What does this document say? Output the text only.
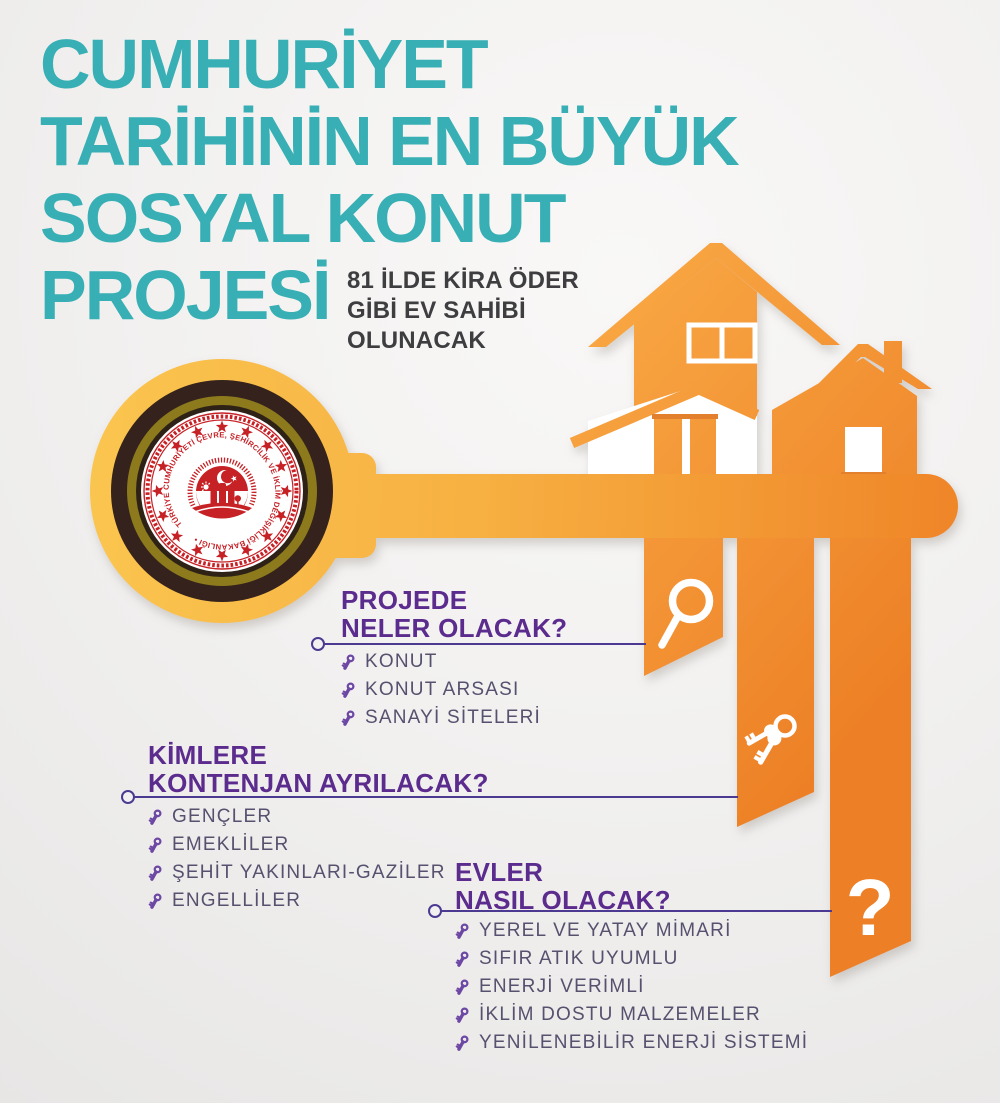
TÜRKİYE CUMHURİYETİ ÇEVRE, ŞEHİRCİLİK VE İKLİM DEĞİŞİKLİĞİ BAKANLIĞI •
CUMHURİYET
TARİHİNİN EN BÜYÜK
SOSYAL KONUT
PROJESİ 81 İLDE KİRA ÖDER
GİBİ EV SAHİBİ
OLUNACAK
PROJEDE
NELER OLACAK?
KONUT
KONUT ARSASI
SANAYİ SİTELERİ
KİMLERE
KONTENJAN AYRILACAK?
GENÇLER
EMEKLİLER
ŞEHİT YAKINLARI-GAZİLER
ENGELLİLER
EVLER
NASIL OLACAK?
YEREL VE YATAY MİMARİ
SIFIR ATIK UYUMLU
ENERJİ VERİMLİ
İKLİM DOSTU MALZEMELER
YENİLENEBİLİR ENERJİ SİSTEMİ
?
